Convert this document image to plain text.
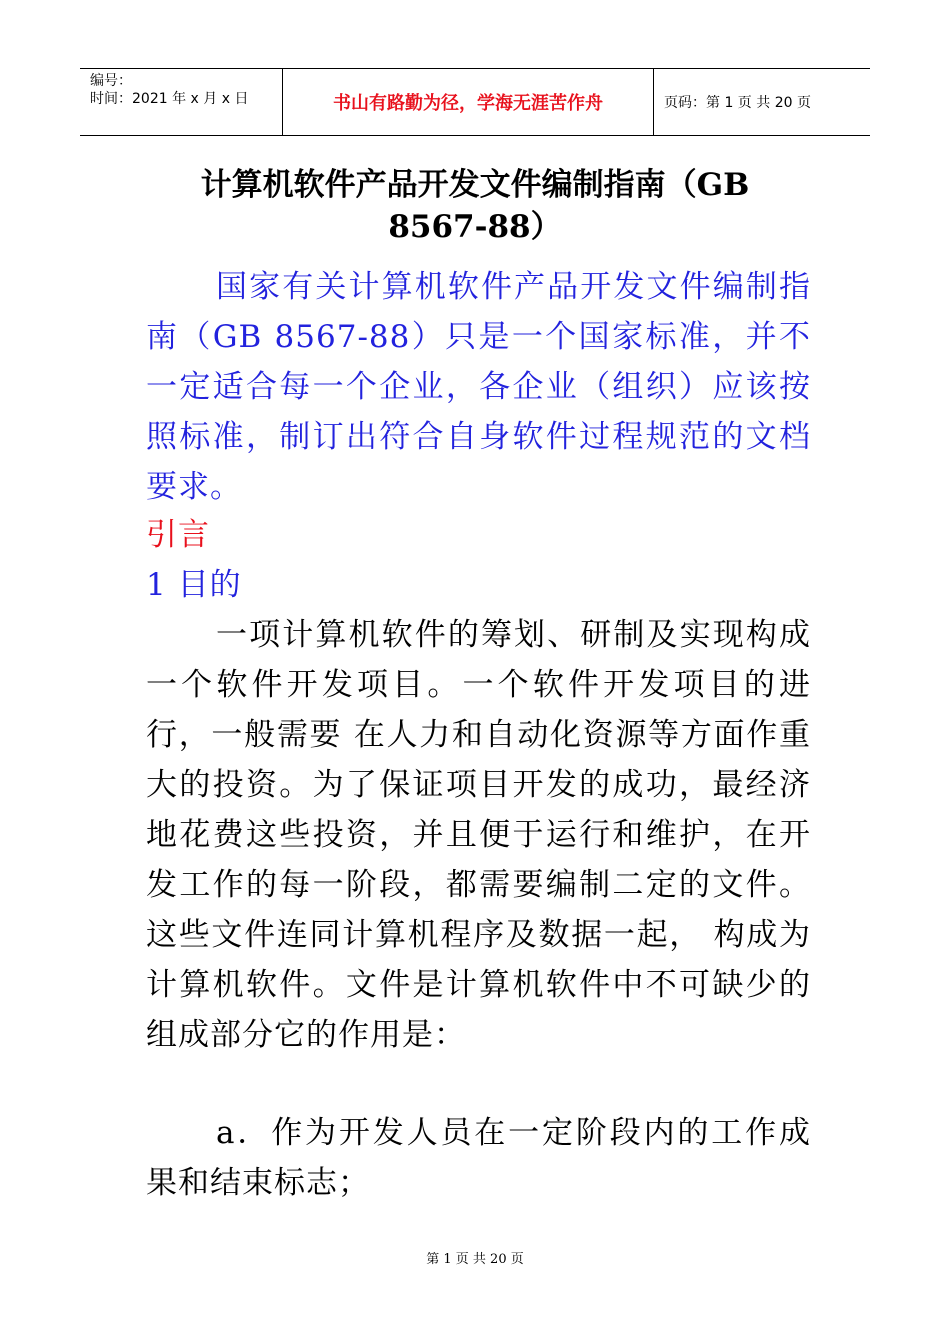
编号：
时间：2021 年 x 月 x 日	书山有路勤为径，学海无涯苦作舟	页码：第 1 页 共 20 页
计算机软件产品开发文件编制指南（GB
8567-88）
国家有关计算机软件产品开发文件编制指南（GB 8567-88）只是一个国家标准，并不一定适合每一个企业，各企业（组织）应该按照标准，制订出符合自身软件过程规范的文档要求。
引言
1 目的
一项计算机软件的筹划、研制及实现构成一个软件开发项目。一个软件开发项目的进行，一般需要 在人力和自动化资源等方面作重大的投资。为了保证项目开发的成功，最经济地花费这些投资，并且便于运行和维护，在开发工作的每一阶段，都需要编制二定的文件。这些文件连同计算机程序及数据一起， 构成为计算机软件。文件是计算机软件中不可缺少的组成部分它的作用是：
a．作为开发人员在一定阶段内的工作成果和结束标志；
第 1 页 共 20 页
